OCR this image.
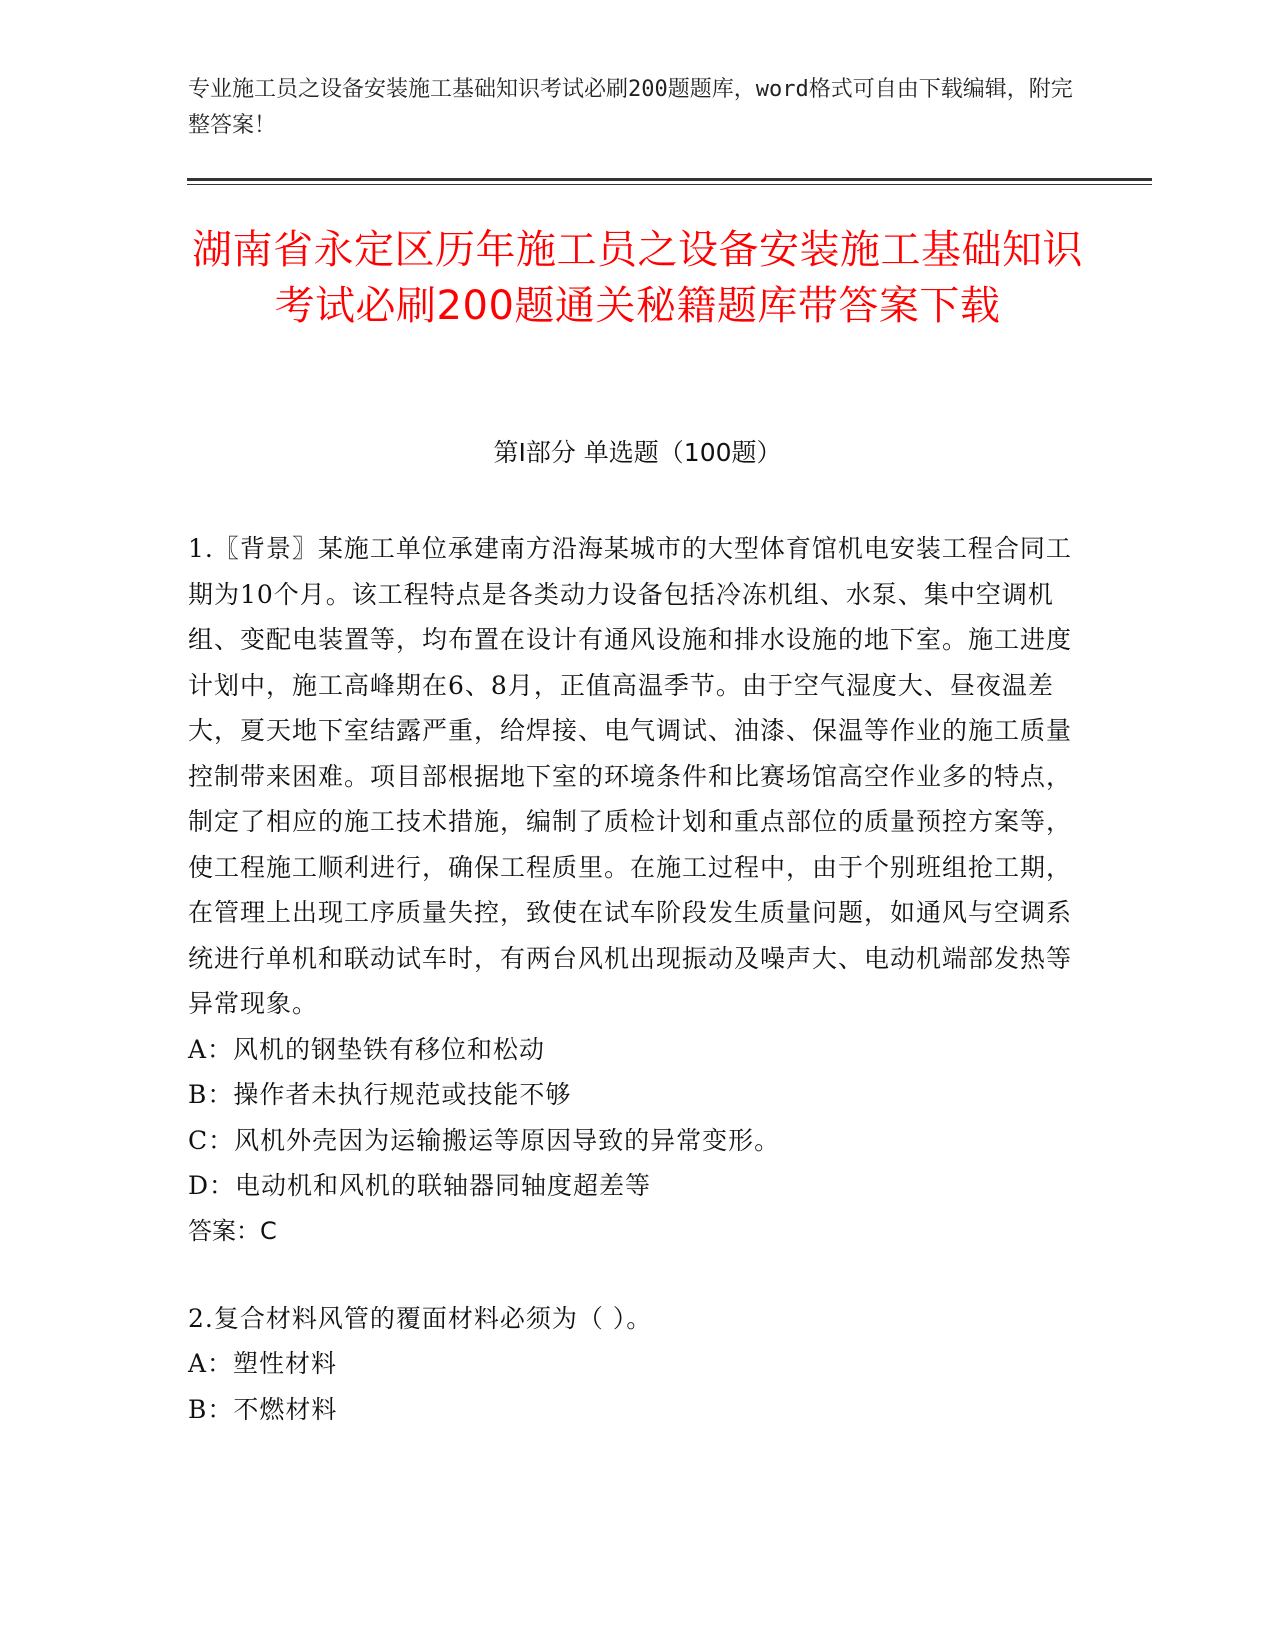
专业施工员之设备安装施工基础知识考试必刷200题题库，word格式可自由下载编辑，附完整答案！
湖南省永定区历年施工员之设备安装施工基础知识考试必刷200题通关秘籍题库带答案下载
第Ⅰ部分 单选题（100题）

1.〖背景〗某施工单位承建南方沿海某城市的大型体育馆机电安装工程合同工期为10个月。该工程特点是各类动力设备包括冷冻机组、水泵、集中空调机组、变配电装置等，均布置在设计有通风设施和排水设施的地下室。施工进度计划中，施工高峰期在6、8月，正值高温季节。由于空气湿度大、昼夜温差大，夏天地下室结露严重，给焊接、电气调试、油漆、保温等作业的施工质量控制带来困难。项目部根据地下室的环境条件和比赛场馆高空作业多的特点，制定了相应的施工技术措施，编制了质检计划和重点部位的质量预控方案等，使工程施工顺利进行，确保工程质里。在施工过程中，由于个别班组抢工期，在管理上出现工序质量失控，致使在试车阶段发生质量问题，如通风与空调系统进行单机和联动试车时，有两台风机出现振动及噪声大、电动机端部发热等异常现象。

A：风机的钢垫铁有移位和松动

B：操作者未执行规范或技能不够

C：风机外壳因为运输搬运等原因导致的异常变形。

D：电动机和风机的联轴器同轴度超差等

答案：C

2.复合材料风管的覆面材料必须为（ ）。

A：塑性材料

B：不燃材料
